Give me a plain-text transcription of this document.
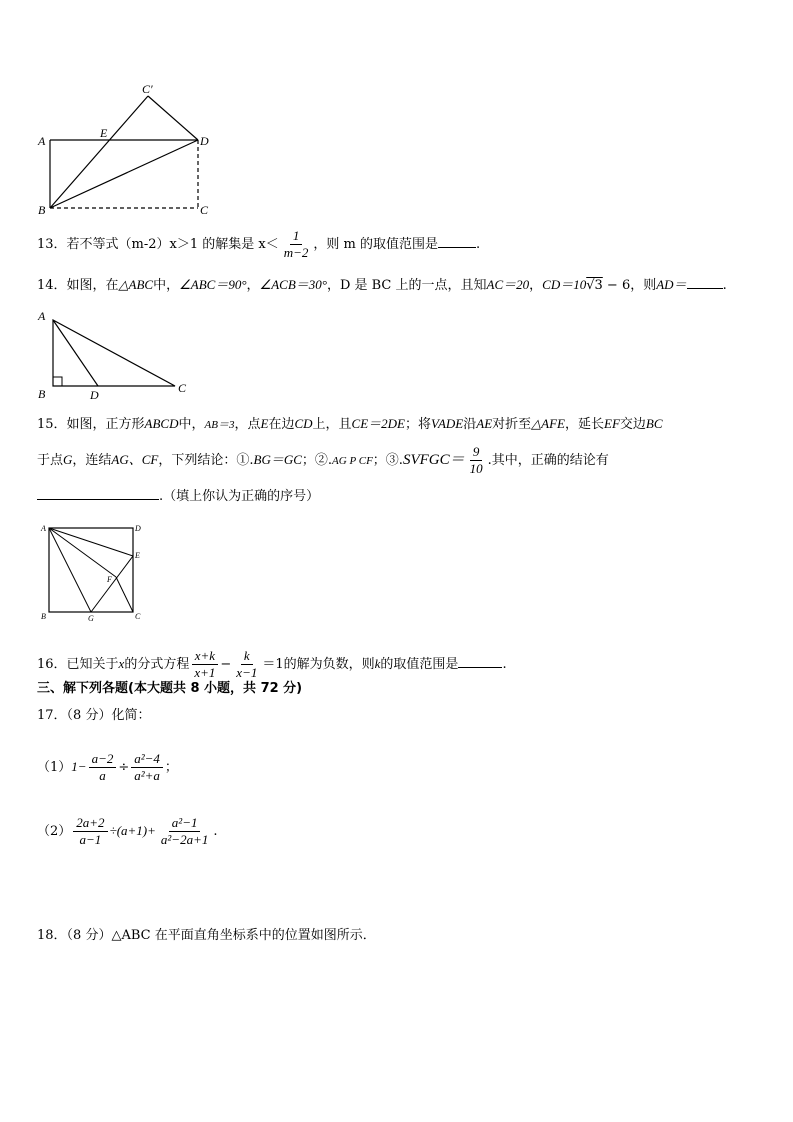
A
B	C
D
E
C′
13．若不等式（m-2）x＞1 的解集是 $x< \frac{1}{m-2}$ ，则 m 的取值范围是	.
14．如图，在△ABC中，∠ABC＝90°，∠ACB＝30°，D 是 BC 上的一点，且知AC＝20，CD＝10√3 − 6，则AD＝	.
A
B	C
D
15．如图，正方形ABCD中，AB＝3，点E在边CD上，且CE＝2DE；将VADE沿AE对折至△AFE，延长EF交边BC
于点G，连结AG、CF，下列结论：①.BG＝GC；②.AG P CF；③.SVFGC＝ $\frac{9}{10}$ .其中，正确的结论有
.（填上你认为正确的序号）
A
B	C
D
E
F
G
16．已知关于x的分式方程 $\frac{x+k}{x+1} - \frac{k}{x-1} =1$的解为负数，则k的取值范围是	.
三、解下列各题(本大题共 8 小题，共 72 分)
17．（8 分）化简：
$(1)1- \frac{a-2}{a} \div \frac{\text{a²−4}}{\text{a²+a}}$ ；
$(2) \frac{2a+2}{a-1} \div(a+1)+ \frac{\text{a²−1}}{\text{a²−2a+1}}$ .
18．（8 分）△ABC 在平面直角坐标系中的位置如图所示．
